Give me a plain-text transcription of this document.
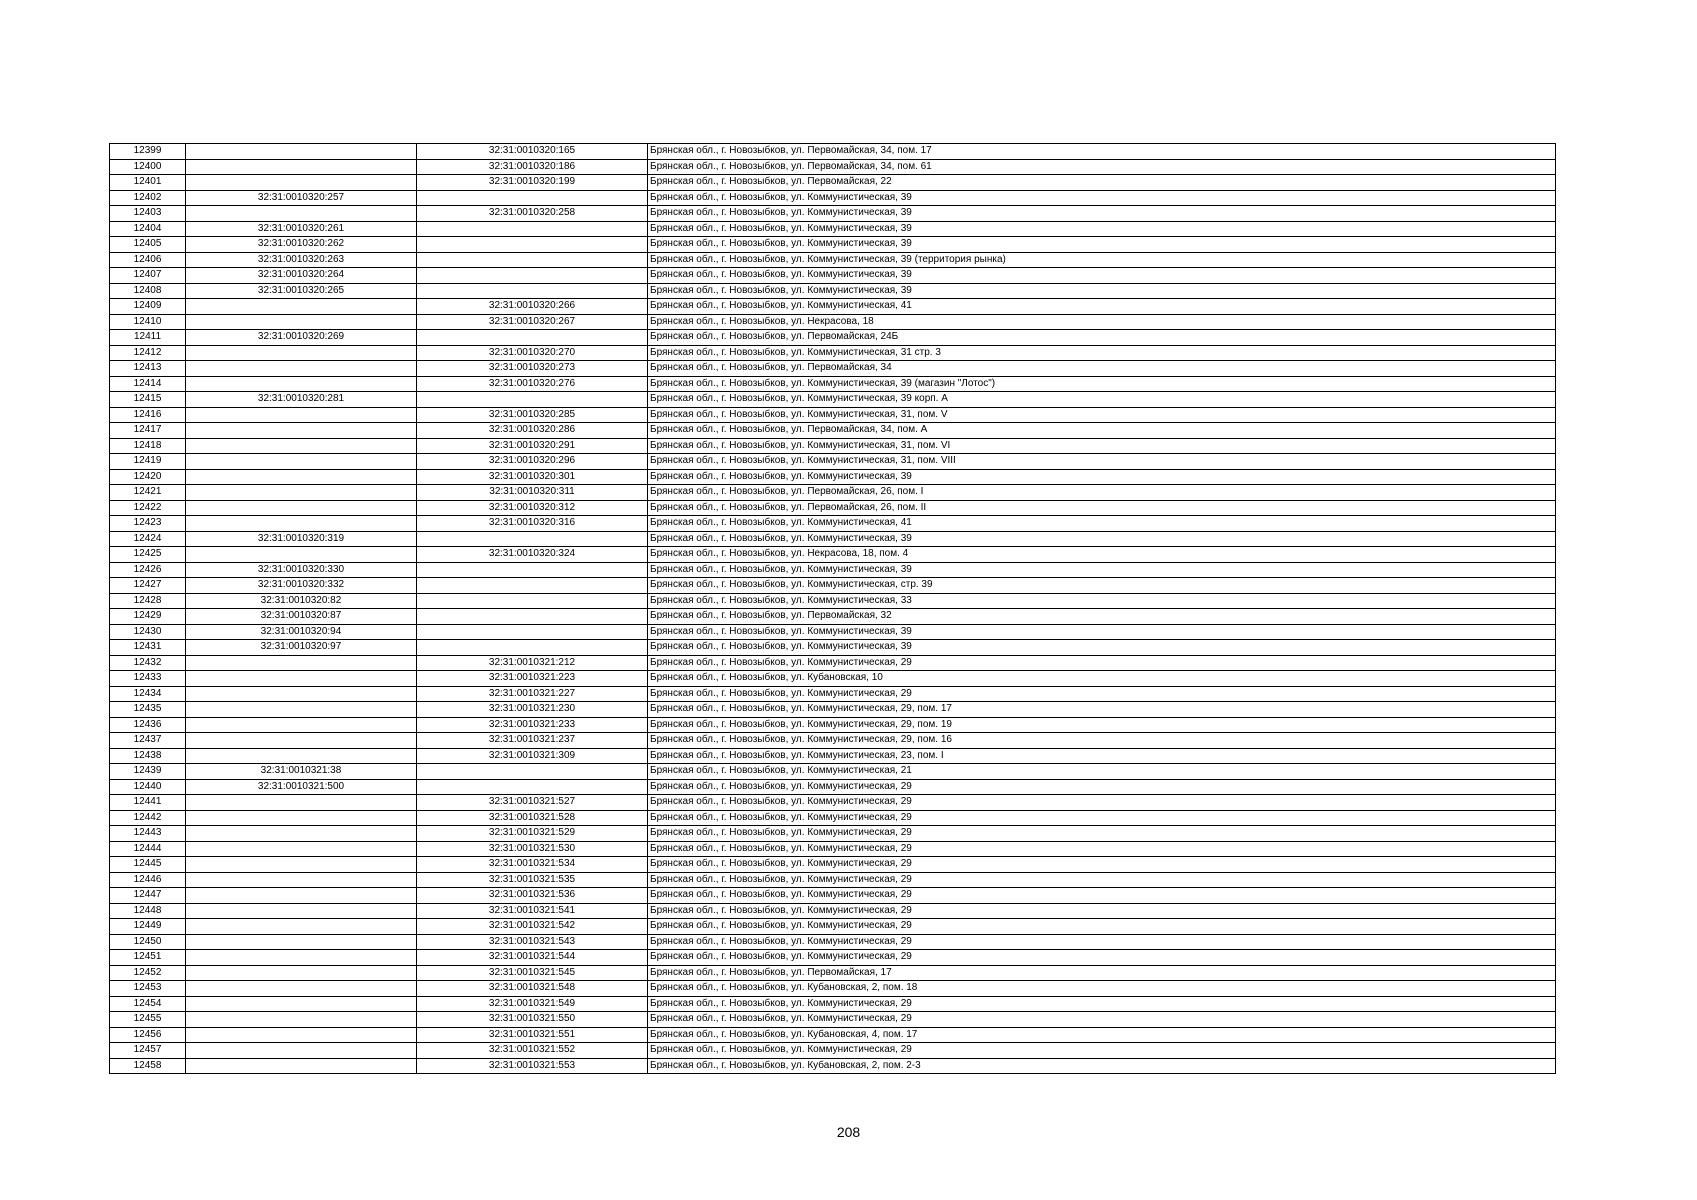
12399		32:31:0010320:165	Брянская обл., г. Новозыбков, ул. Первомайская, 34, пом. 17
12400		32:31:0010320:186	Брянская обл., г. Новозыбков, ул. Первомайская, 34, пом. 61
12401		32:31:0010320:199	Брянская обл., г. Новозыбков, ул. Первомайская, 22
12402	32:31:0010320:257		Брянская обл., г. Новозыбков, ул. Коммунистическая, 39
12403		32:31:0010320:258	Брянская обл., г. Новозыбков, ул. Коммунистическая, 39
12404	32:31:0010320:261		Брянская обл., г. Новозыбков, ул. Коммунистическая, 39
12405	32:31:0010320:262		Брянская обл., г. Новозыбков, ул. Коммунистическая, 39
12406	32:31:0010320:263		Брянская обл., г. Новозыбков, ул. Коммунистическая, 39 (территория рынка)
12407	32:31:0010320:264		Брянская обл., г. Новозыбков, ул. Коммунистическая, 39
12408	32:31:0010320:265		Брянская обл., г. Новозыбков, ул. Коммунистическая, 39
12409		32:31:0010320:266	Брянская обл., г. Новозыбков, ул. Коммунистическая, 41
12410		32:31:0010320:267	Брянская обл., г. Новозыбков, ул. Некрасова, 18
12411	32:31:0010320:269		Брянская обл., г. Новозыбков, ул. Первомайская, 24Б
12412		32:31:0010320:270	Брянская обл., г. Новозыбков, ул. Коммунистическая, 31 стр. 3
12413		32:31:0010320:273	Брянская обл., г. Новозыбков, ул. Первомайская, 34
12414		32:31:0010320:276	Брянская обл., г. Новозыбков, ул. Коммунистическая, 39 (магазин "Лотос")
12415	32:31:0010320:281		Брянская обл., г. Новозыбков, ул. Коммунистическая, 39 корп. А
12416		32:31:0010320:285	Брянская обл., г. Новозыбков, ул. Коммунистическая, 31, пом. V
12417		32:31:0010320:286	Брянская обл., г. Новозыбков, ул. Первомайская, 34, пом. А
12418		32:31:0010320:291	Брянская обл., г. Новозыбков, ул. Коммунистическая, 31, пом. VI
12419		32:31:0010320:296	Брянская обл., г. Новозыбков, ул. Коммунистическая, 31, пом. VIII
12420		32:31:0010320:301	Брянская обл., г. Новозыбков, ул. Коммунистическая, 39
12421		32:31:0010320:311	Брянская обл., г. Новозыбков, ул. Первомайская, 26, пом. I
12422		32:31:0010320:312	Брянская обл., г. Новозыбков, ул. Первомайская, 26, пом. II
12423		32:31:0010320:316	Брянская обл., г. Новозыбков, ул. Коммунистическая, 41
12424	32:31:0010320:319		Брянская обл., г. Новозыбков, ул. Коммунистическая, 39
12425		32:31:0010320:324	Брянская обл., г. Новозыбков, ул. Некрасова, 18, пом. 4
12426	32:31:0010320:330		Брянская обл., г. Новозыбков, ул. Коммунистическая, 39
12427	32:31:0010320:332		Брянская обл., г. Новозыбков, ул. Коммунистическая, стр. 39
12428	32:31:0010320:82		Брянская обл., г. Новозыбков, ул. Коммунистическая, 33
12429	32:31:0010320:87		Брянская обл., г. Новозыбков, ул. Первомайская, 32
12430	32:31:0010320:94		Брянская обл., г. Новозыбков, ул. Коммунистическая, 39
12431	32:31:0010320:97		Брянская обл., г. Новозыбков, ул. Коммунистическая, 39
12432		32:31:0010321:212	Брянская обл., г. Новозыбков, ул. Коммунистическая, 29
12433		32:31:0010321:223	Брянская обл., г. Новозыбков, ул. Кубановская, 10
12434		32:31:0010321:227	Брянская обл., г. Новозыбков, ул. Коммунистическая, 29
12435		32:31:0010321:230	Брянская обл., г. Новозыбков, ул. Коммунистическая, 29, пом. 17
12436		32:31:0010321:233	Брянская обл., г. Новозыбков, ул. Коммунистическая, 29, пом. 19
12437		32:31:0010321:237	Брянская обл., г. Новозыбков, ул. Коммунистическая, 29, пом. 16
12438		32:31:0010321:309	Брянская обл., г. Новозыбков, ул. Коммунистическая, 23, пом. I
12439	32:31:0010321:38		Брянская обл., г. Новозыбков, ул. Коммунистическая, 21
12440	32:31:0010321:500		Брянская обл., г. Новозыбков, ул. Коммунистическая, 29
12441		32:31:0010321:527	Брянская обл., г. Новозыбков, ул. Коммунистическая, 29
12442		32:31:0010321:528	Брянская обл., г. Новозыбков, ул. Коммунистическая, 29
12443		32:31:0010321:529	Брянская обл., г. Новозыбков, ул. Коммунистическая, 29
12444		32:31:0010321:530	Брянская обл., г. Новозыбков, ул. Коммунистическая, 29
12445		32:31:0010321:534	Брянская обл., г. Новозыбков, ул. Коммунистическая, 29
12446		32:31:0010321:535	Брянская обл., г. Новозыбков, ул. Коммунистическая, 29
12447		32:31:0010321:536	Брянская обл., г. Новозыбков, ул. Коммунистическая, 29
12448		32:31:0010321:541	Брянская обл., г. Новозыбков, ул. Коммунистическая, 29
12449		32:31:0010321:542	Брянская обл., г. Новозыбков, ул. Коммунистическая, 29
12450		32:31:0010321:543	Брянская обл., г. Новозыбков, ул. Коммунистическая, 29
12451		32:31:0010321:544	Брянская обл., г. Новозыбков, ул. Коммунистическая, 29
12452		32:31:0010321:545	Брянская обл., г. Новозыбков, ул. Первомайская, 17
12453		32:31:0010321:548	Брянская обл., г. Новозыбков, ул. Кубановская, 2, пом. 18
12454		32:31:0010321:549	Брянская обл., г. Новозыбков, ул. Коммунистическая, 29
12455		32:31:0010321:550	Брянская обл., г. Новозыбков, ул. Коммунистическая, 29
12456		32:31:0010321:551	Брянская обл., г. Новозыбков, ул. Кубановская, 4, пом. 17
12457		32:31:0010321:552	Брянская обл., г. Новозыбков, ул. Коммунистическая, 29
12458		32:31:0010321:553	Брянская обл., г. Новозыбков, ул. Кубановская, 2, пом. 2-3
208
